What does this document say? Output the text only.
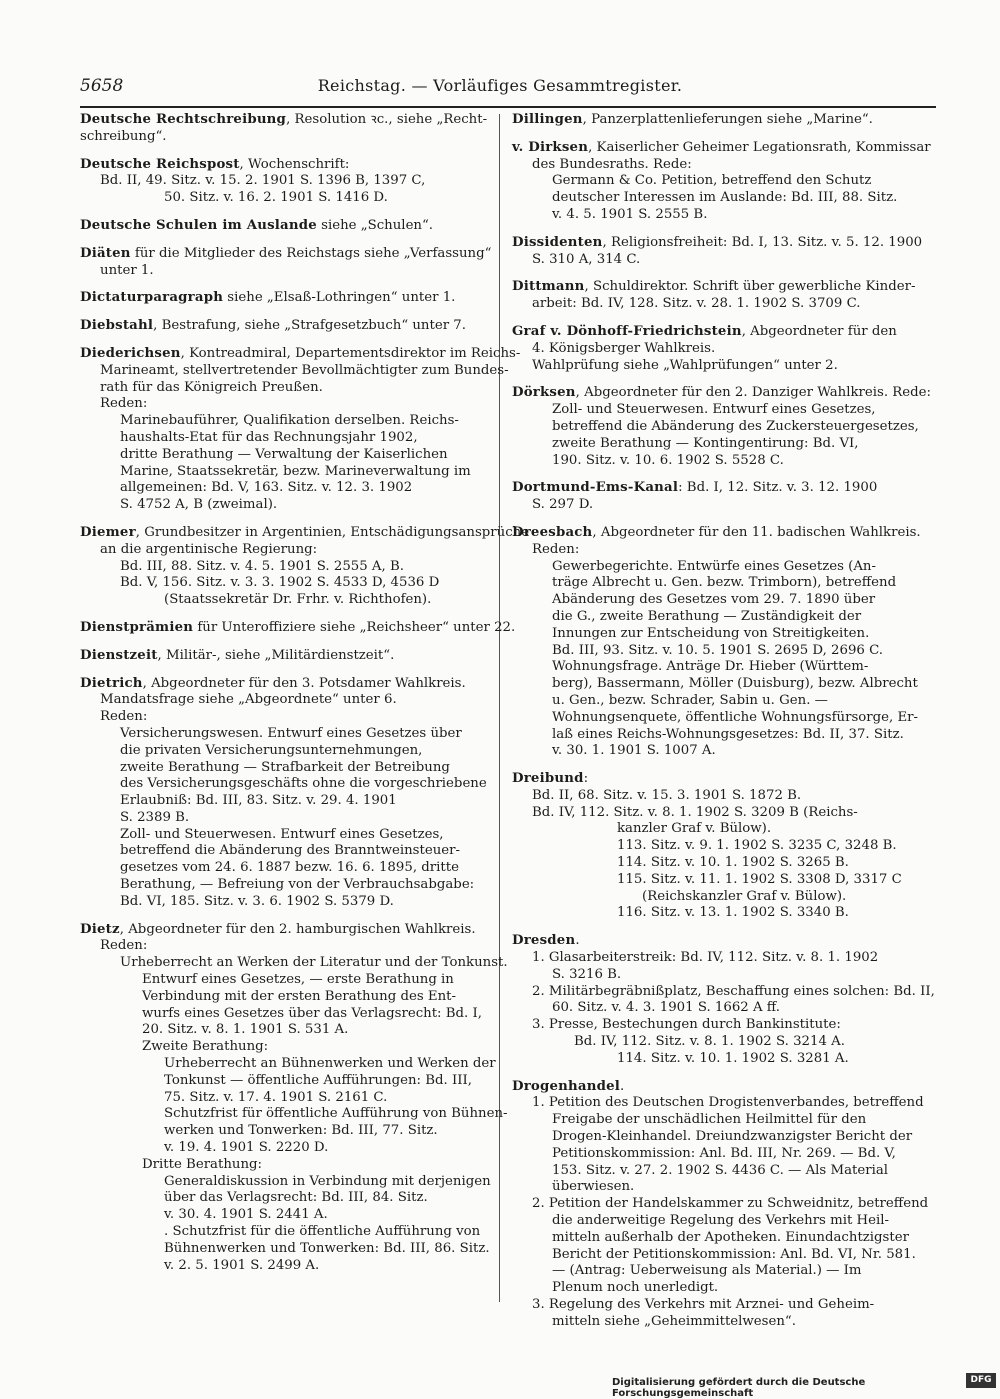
5658	Reichstag. — Vorläufiges Gesammtregister.
Deutsche Rechtschreibung, Resolution ꝛc., siehe „Recht-
schreibung“.
Deutsche Reichspost, Wochenschrift:
Bd. II, 49. Sitz. v. 15. 2. 1901 S. 1396 B, 1397 C,
50. Sitz. v. 16. 2. 1901 S. 1416 D.
Deutsche Schulen im Auslande siehe „Schulen“.
Diäten für die Mitglieder des Reichstags siehe „Verfassung“
unter 1.
Dictaturparagraph siehe „Elsaß-Lothringen“ unter 1.
Diebstahl, Bestrafung, siehe „Strafgesetzbuch“ unter 7.
Diederichsen, Kontreadmiral, Departementsdirektor im Reichs-
Marineamt, stellvertretender Bevollmächtigter zum Bundes-
rath für das Königreich Preußen.
Reden:
Marinebauführer, Qualifikation derselben. Reichs-
haushalts-Etat für das Rechnungsjahr 1902,
dritte Berathung — Verwaltung der Kaiserlichen
Marine, Staatssekretär, bezw. Marineverwaltung im
allgemeinen: Bd. V, 163. Sitz. v. 12. 3. 1902
S. 4752 A, B (zweimal).
Diemer, Grundbesitzer in Argentinien, Entschädigungsansprüche
an die argentinische Regierung:
Bd. III, 88. Sitz. v. 4. 5. 1901 S. 2555 A, B.
Bd. V, 156. Sitz. v. 3. 3. 1902 S. 4533 D, 4536 D
(Staatssekretär Dr. Frhr. v. Richthofen).
Dienstprämien für Unteroffiziere siehe „Reichsheer“ unter 22.
Dienstzeit, Militär-, siehe „Militärdienstzeit“.
Dietrich, Abgeordneter für den 3. Potsdamer Wahlkreis.
Mandatsfrage siehe „Abgeordnete“ unter 6.
Reden:
Versicherungswesen. Entwurf eines Gesetzes über
die privaten Versicherungsunternehmungen,
zweite Berathung — Strafbarkeit der Betreibung
des Versicherungsgeschäfts ohne die vorgeschriebene
Erlaubniß: Bd. III, 83. Sitz. v. 29. 4. 1901
S. 2389 B.
Zoll- und Steuerwesen. Entwurf eines Gesetzes,
betreffend die Abänderung des Branntweinsteuer-
gesetzes vom 24. 6. 1887 bezw. 16. 6. 1895, dritte
Berathung, — Befreiung von der Verbrauchsabgabe:
Bd. VI, 185. Sitz. v. 3. 6. 1902 S. 5379 D.
Dietz, Abgeordneter für den 2. hamburgischen Wahlkreis.
Reden:
Urheberrecht an Werken der Literatur und der Tonkunst.
Entwurf eines Gesetzes, — erste Berathung in
Verbindung mit der ersten Berathung des Ent-
wurfs eines Gesetzes über das Verlagsrecht: Bd. I,
20. Sitz. v. 8. 1. 1901 S. 531 A.
Zweite Berathung:
Urheberrecht an Bühnenwerken und Werken der
Tonkunst — öffentliche Aufführungen: Bd. III,
75. Sitz. v. 17. 4. 1901 S. 2161 C.
Schutzfrist für öffentliche Aufführung von Bühnen-
werken und Tonwerken: Bd. III, 77. Sitz.
v. 19. 4. 1901 S. 2220 D.
Dritte Berathung:
Generaldiskussion in Verbindung mit derjenigen
über das Verlagsrecht: Bd. III, 84. Sitz.
v. 30. 4. 1901 S. 2441 A.
. Schutzfrist für die öffentliche Aufführung von
Bühnenwerken und Tonwerken: Bd. III, 86. Sitz.
v. 2. 5. 1901 S. 2499 A.
Dillingen, Panzerplattenlieferungen siehe „Marine“.
v. Dirksen, Kaiserlicher Geheimer Legationsrath, Kommissar
des Bundesraths. Rede:
Germann & Co. Petition, betreffend den Schutz
deutscher Interessen im Auslande: Bd. III, 88. Sitz.
v. 4. 5. 1901 S. 2555 B.
Dissidenten, Religionsfreiheit: Bd. I, 13. Sitz. v. 5. 12. 1900
S. 310 A, 314 C.
Dittmann, Schuldirektor. Schrift über gewerbliche Kinder-
arbeit: Bd. IV, 128. Sitz. v. 28. 1. 1902 S. 3709 C.
Graf v. Dönhoff-Friedrichstein, Abgeordneter für den
4. Königsberger Wahlkreis.
Wahlprüfung siehe „Wahlprüfungen“ unter 2.
Dörksen, Abgeordneter für den 2. Danziger Wahlkreis. Rede:
Zoll- und Steuerwesen. Entwurf eines Gesetzes,
betreffend die Abänderung des Zuckersteuergesetzes,
zweite Berathung — Kontingentirung: Bd. VI,
190. Sitz. v. 10. 6. 1902 S. 5528 C.
Dortmund-Ems-Kanal: Bd. I, 12. Sitz. v. 3. 12. 1900
S. 297 D.
Dreesbach, Abgeordneter für den 11. badischen Wahlkreis.
Reden:
Gewerbegerichte. Entwürfe eines Gesetzes (An-
träge Albrecht u. Gen. bezw. Trimborn), betreffend
Abänderung des Gesetzes vom 29. 7. 1890 über
die G., zweite Berathung — Zuständigkeit der
Innungen zur Entscheidung von Streitigkeiten.
Bd. III, 93. Sitz. v. 10. 5. 1901 S. 2695 D, 2696 C.
Wohnungsfrage. Anträge Dr. Hieber (Württem-
berg), Bassermann, Möller (Duisburg), bezw. Albrecht
u. Gen., bezw. Schrader, Sabin u. Gen. —
Wohnungsenquete, öffentliche Wohnungsfürsorge, Er-
laß eines Reichs-Wohnungsgesetzes: Bd. II, 37. Sitz.
v. 30. 1. 1901 S. 1007 A.
Dreibund:
Bd. II, 68. Sitz. v. 15. 3. 1901 S. 1872 B.
Bd. IV, 112. Sitz. v. 8. 1. 1902 S. 3209 B (Reichs-
kanzler Graf v. Bülow).
113. Sitz. v. 9. 1. 1902 S. 3235 C, 3248 B.
114. Sitz. v. 10. 1. 1902 S. 3265 B.
115. Sitz. v. 11. 1. 1902 S. 3308 D, 3317 C
(Reichskanzler Graf v. Bülow).
116. Sitz. v. 13. 1. 1902 S. 3340 B.
Dresden.
1. Glasarbeiterstreik: Bd. IV, 112. Sitz. v. 8. 1. 1902
S. 3216 B.
2. Militärbegräbnißplatz, Beschaffung eines solchen: Bd. II,
60. Sitz. v. 4. 3. 1901 S. 1662 A ff.
3. Presse, Bestechungen durch Bankinstitute:
Bd. IV, 112. Sitz. v. 8. 1. 1902 S. 3214 A.
114. Sitz. v. 10. 1. 1902 S. 3281 A.
Drogenhandel.
1. Petition des Deutschen Drogistenverbandes, betreffend
Freigabe der unschädlichen Heilmittel für den
Drogen-Kleinhandel. Dreiundzwanzigster Bericht der
Petitionskommission: Anl. Bd. III, Nr. 269. — Bd. V,
153. Sitz. v. 27. 2. 1902 S. 4436 C. — Als Material
überwiesen.
2. Petition der Handelskammer zu Schweidnitz, betreffend
die anderweitige Regelung des Verkehrs mit Heil-
mitteln außerhalb der Apotheken. Einundachtzigster
Bericht der Petitionskommission: Anl. Bd. VI, Nr. 581.
— (Antrag: Ueberweisung als Material.) — Im
Plenum noch unerledigt.
3. Regelung des Verkehrs mit Arznei- und Geheim-
mitteln siehe „Geheimmittelwesen“.
Digitalisierung gefördert durch die Deutsche Forschungsgemeinschaft
DFG
